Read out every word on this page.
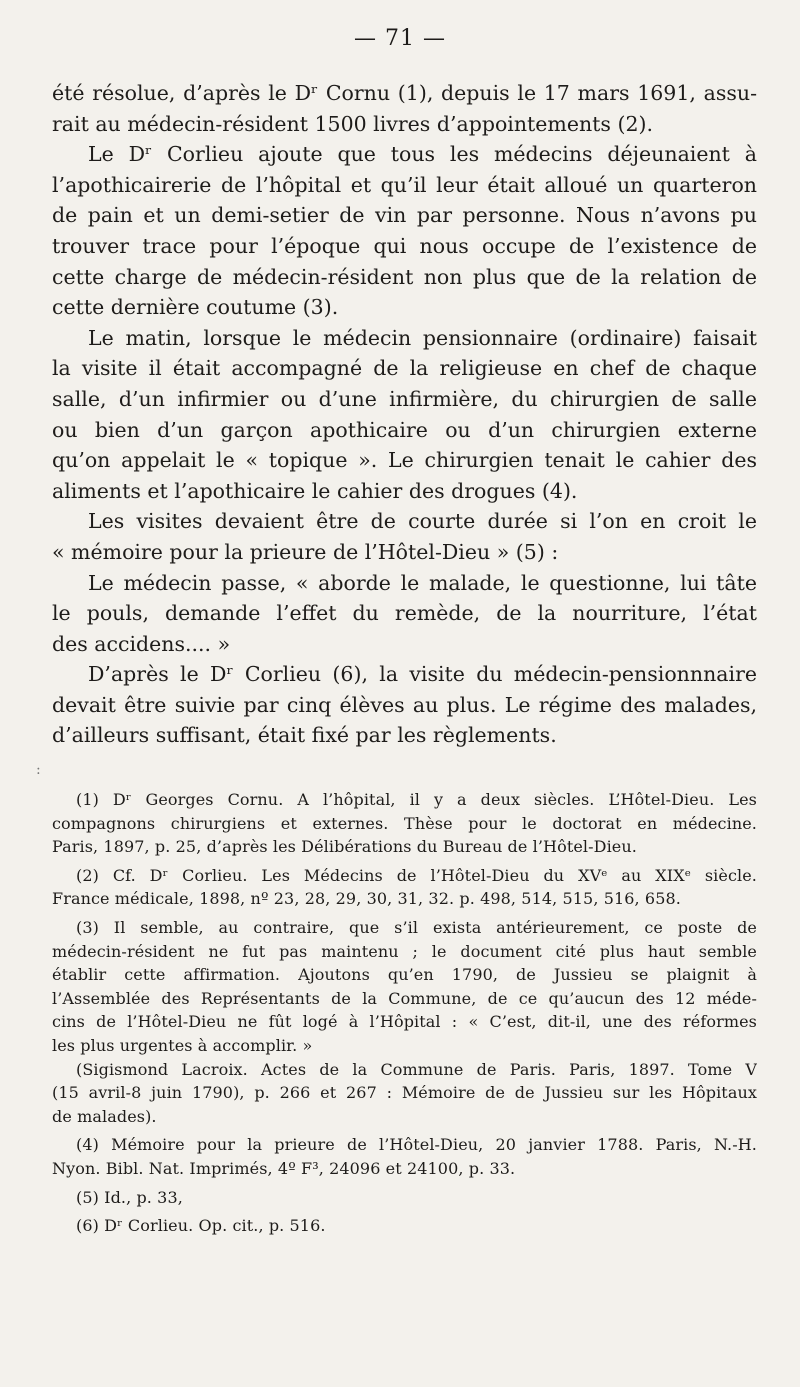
— 71 —
:
été résolue, d’après le Dʳ Cornu (1), depuis le 17 mars 1691, assu-
rait au médecin-résident 1500 livres d’appointements (2).
Le Dʳ Corlieu ajoute que tous les médecins déjeunaient à
l’apothicairerie de l’hôpital et qu’il leur était alloué un quarteron
de pain et un demi-setier de vin par personne. Nous n’avons pu
trouver trace pour l’époque qui nous occupe de l’existence de
cette charge de médecin-résident non plus que de la relation de
cette dernière coutume (3).
Le matin, lorsque le médecin pensionnaire (ordinaire) faisait
la visite il était accompagné de la religieuse en chef de chaque
salle, d’un infirmier ou d’une infirmière, du chirurgien de salle
ou bien d’un garçon apothicaire ou d’un chirurgien externe
qu’on appelait le « topique ». Le chirurgien tenait le cahier des
aliments et l’apothicaire le cahier des drogues (4).
Les visites devaient être de courte durée si l’on en croit le
« mémoire pour la prieure de l’Hôtel-Dieu » (5) :
Le médecin passe, « aborde le malade, le questionne, lui tâte
le pouls, demande l’effet du remède, de la nourriture, l’état
des accidens.... »
D’après le Dʳ Corlieu (6), la visite du médecin-pensionnnaire
devait être suivie par cinq élèves au plus. Le régime des malades,
d’ailleurs suffisant, était fixé par les règlements.
(1) Dʳ Georges Cornu. A l’hôpital, il y a deux siècles. L’Hôtel-Dieu. Les
compagnons chirurgiens et externes. Thèse pour le doctorat en médecine.
Paris, 1897, p. 25, d’après les Délibérations du Bureau de l’Hôtel-Dieu.
(2) Cf. Dʳ Corlieu. Les Médecins de l’Hôtel-Dieu du XVᵉ au XIXᵉ siècle.
France médicale, 1898, nº 23, 28, 29, 30, 31, 32. p. 498, 514, 515, 516, 658.
(3) Il semble, au contraire, que s’il exista antérieurement, ce poste de
médecin-résident ne fut pas maintenu ; le document cité plus haut semble
établir cette affirmation. Ajoutons qu’en 1790, de Jussieu se plaignit à
l’Assemblée des Représentants de la Commune, de ce qu’aucun des 12 méde-
cins de l’Hôtel-Dieu ne fût logé à l’Hôpital : « C’est, dit-il, une des réformes
les plus urgentes à accomplir. »
(Sigismond Lacroix. Actes de la Commune de Paris. Paris, 1897. Tome V
(15 avril-8 juin 1790), p. 266 et 267 : Mémoire de de Jussieu sur les Hôpitaux
de malades).
(4) Mémoire pour la prieure de l’Hôtel-Dieu, 20 janvier 1788. Paris, N.-H.
Nyon. Bibl. Nat. Imprimés, 4º F³, 24096 et 24100, p. 33.
(5) Id., p. 33,
(6) Dʳ Corlieu. Op. cit., p. 516.
